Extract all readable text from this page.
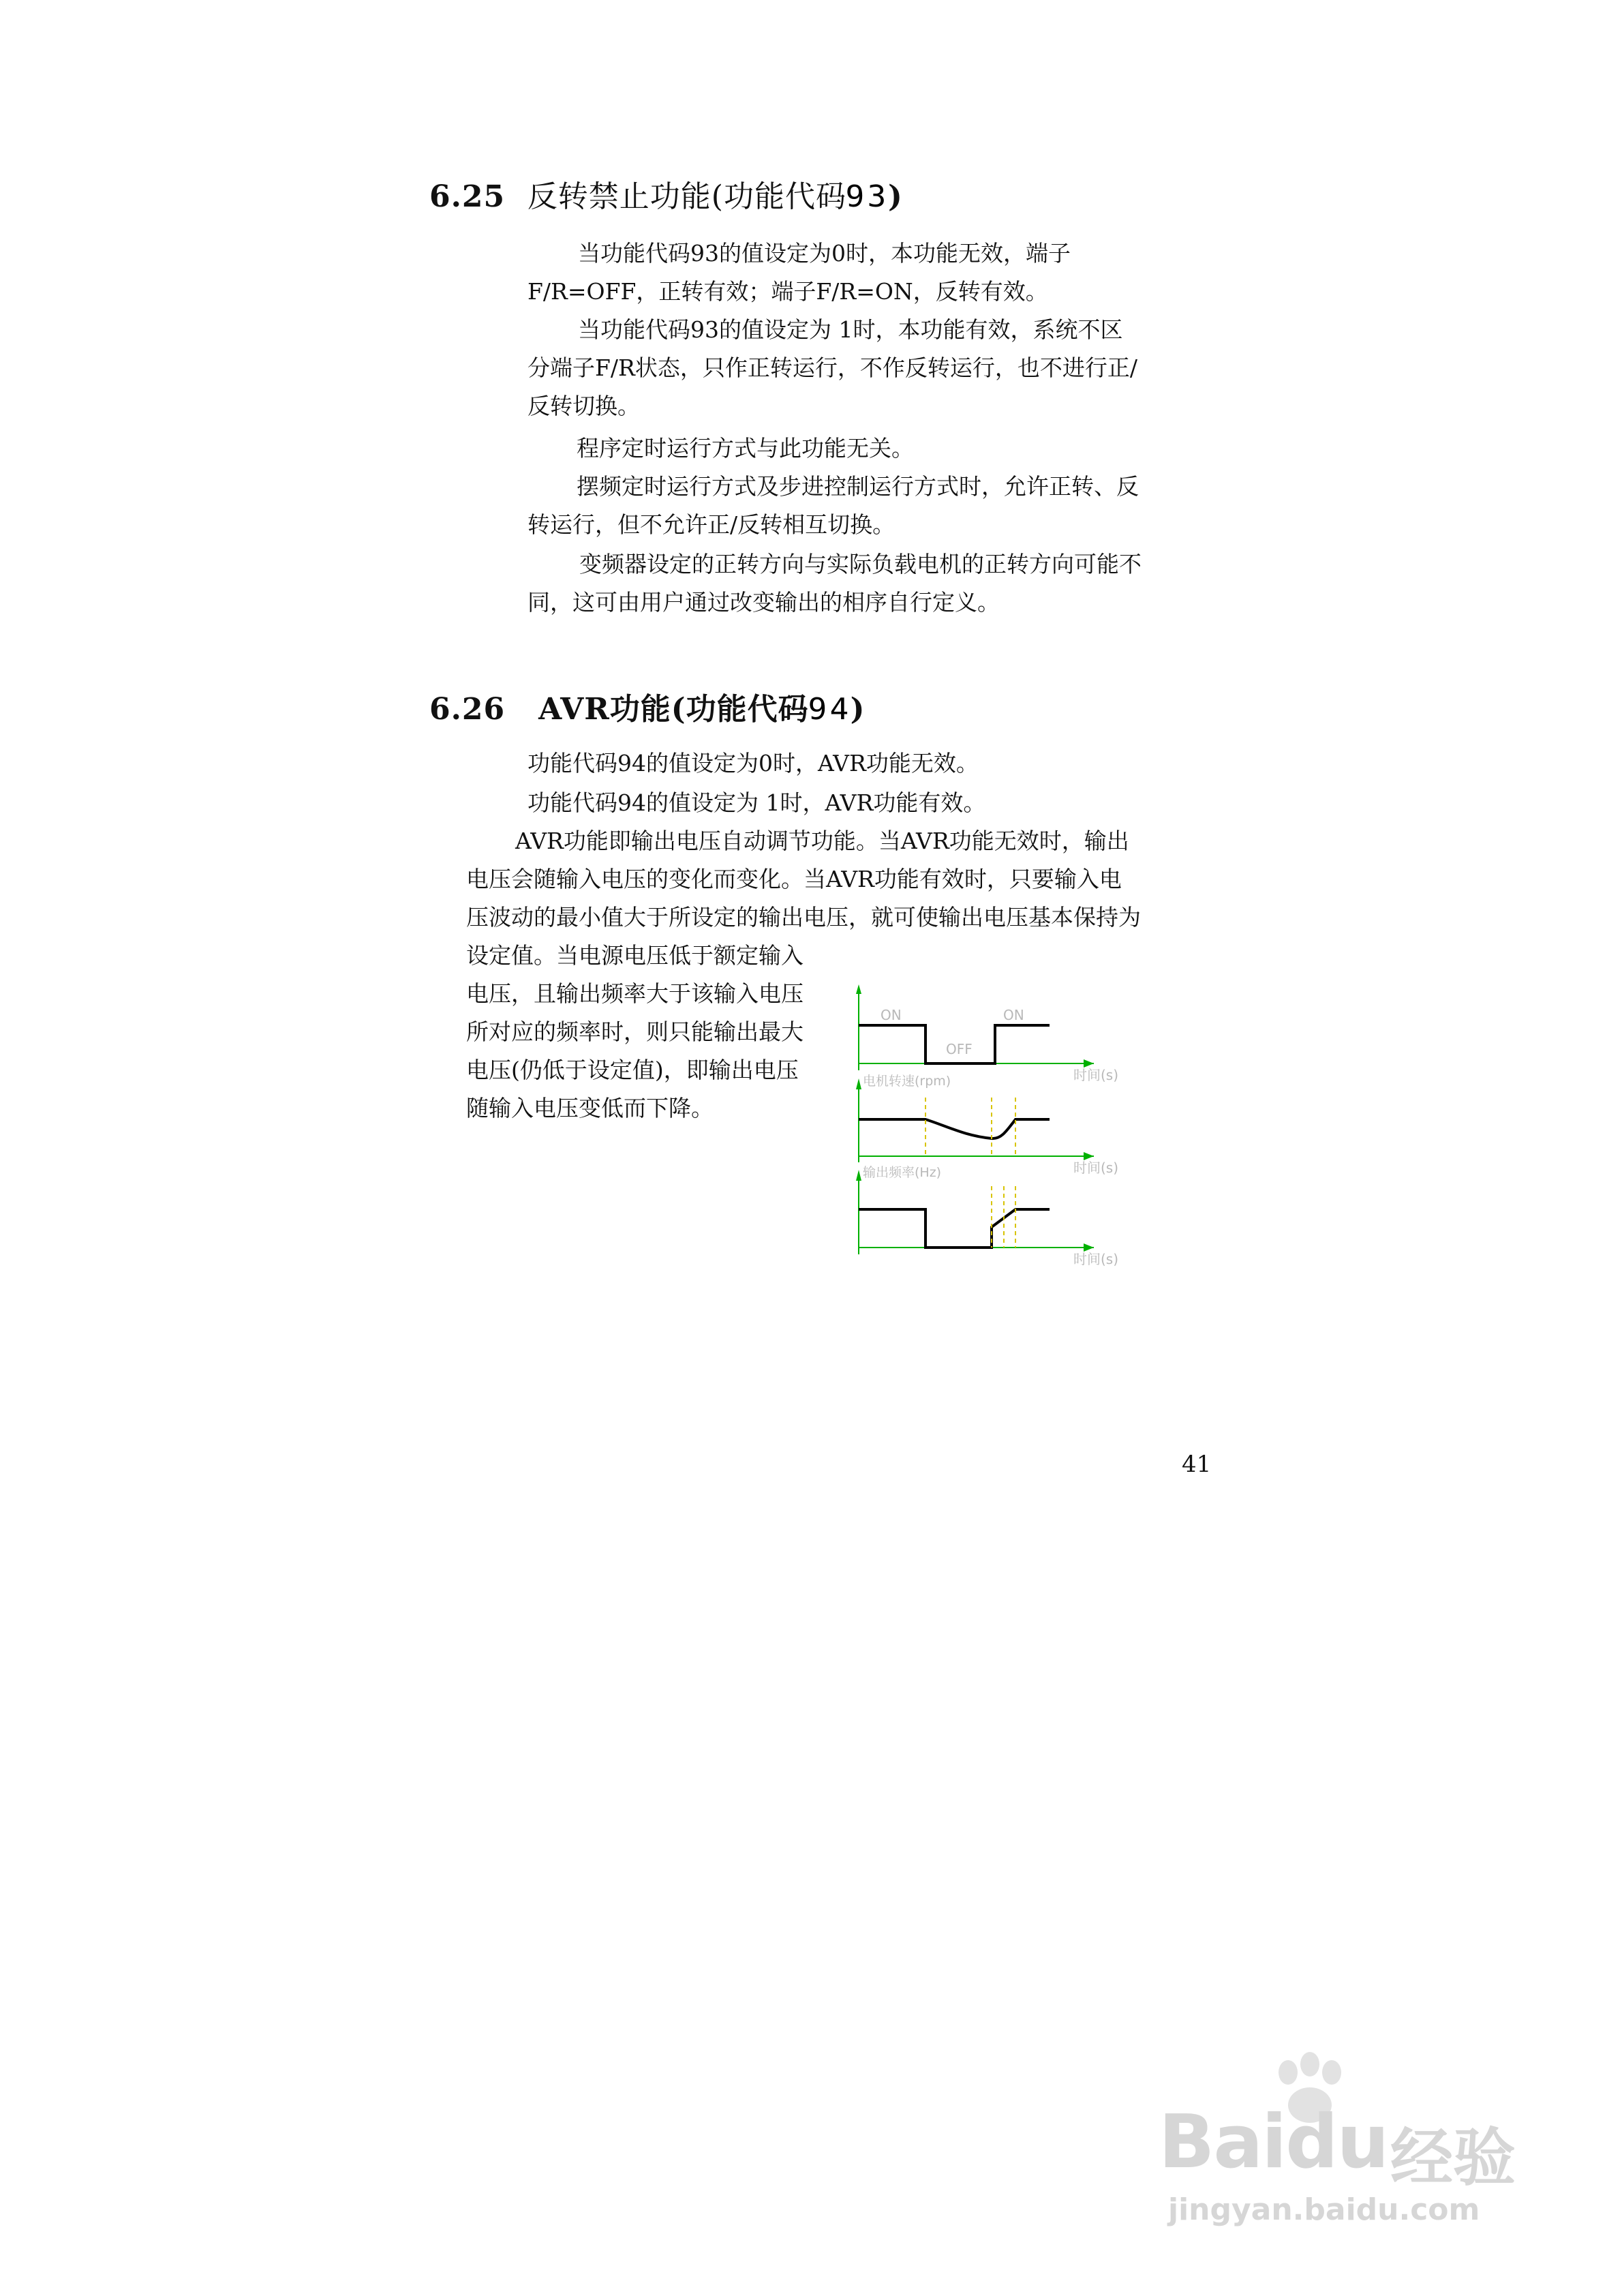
6.25 反转禁止功能(功能代码93)
当功能代码93的值设定为0时，本功能无效，端子
F/R=OFF，正转有效；端子F/R=ON，反转有效。
当功能代码93的值设定为 1时，本功能有效，系统不区
分端子F/R状态，只作正转运行，不作反转运行，也不进行正/
反转切换。
程序定时运行方式与此功能无关。
摆频定时运行方式及步进控制运行方式时，允许正转、反
转运行，但不允许正/反转相互切换。
变频器设定的正转方向与实际负载电机的正转方向可能不
同，这可由用户通过改变输出的相序自行定义。
6.26 AVR功能(功能代码94)
功能代码94的值设定为0时，AVR功能无效。
功能代码94的值设定为 1时，AVR功能有效。
AVR功能即输出电压自动调节功能。当AVR功能无效时，输出
电压会随输入电压的变化而变化。当AVR功能有效时，只要输入电
压波动的最小值大于所设定的输出电压，就可使输出电压基本保持为
设定值。当电源电压低于额定输入
电压，且输出频率大于该输入电压
所对应的频率时，则只能输出最大
电压(仍低于设定值)，即输出电压
随输入电压变低而下降。
ON
OFF
ON
时间(s)
电机转速(rpm)
时间(s)
输出频率(Hz)
时间(s)
41
Baidu 经验
jingyan.baidu.com
